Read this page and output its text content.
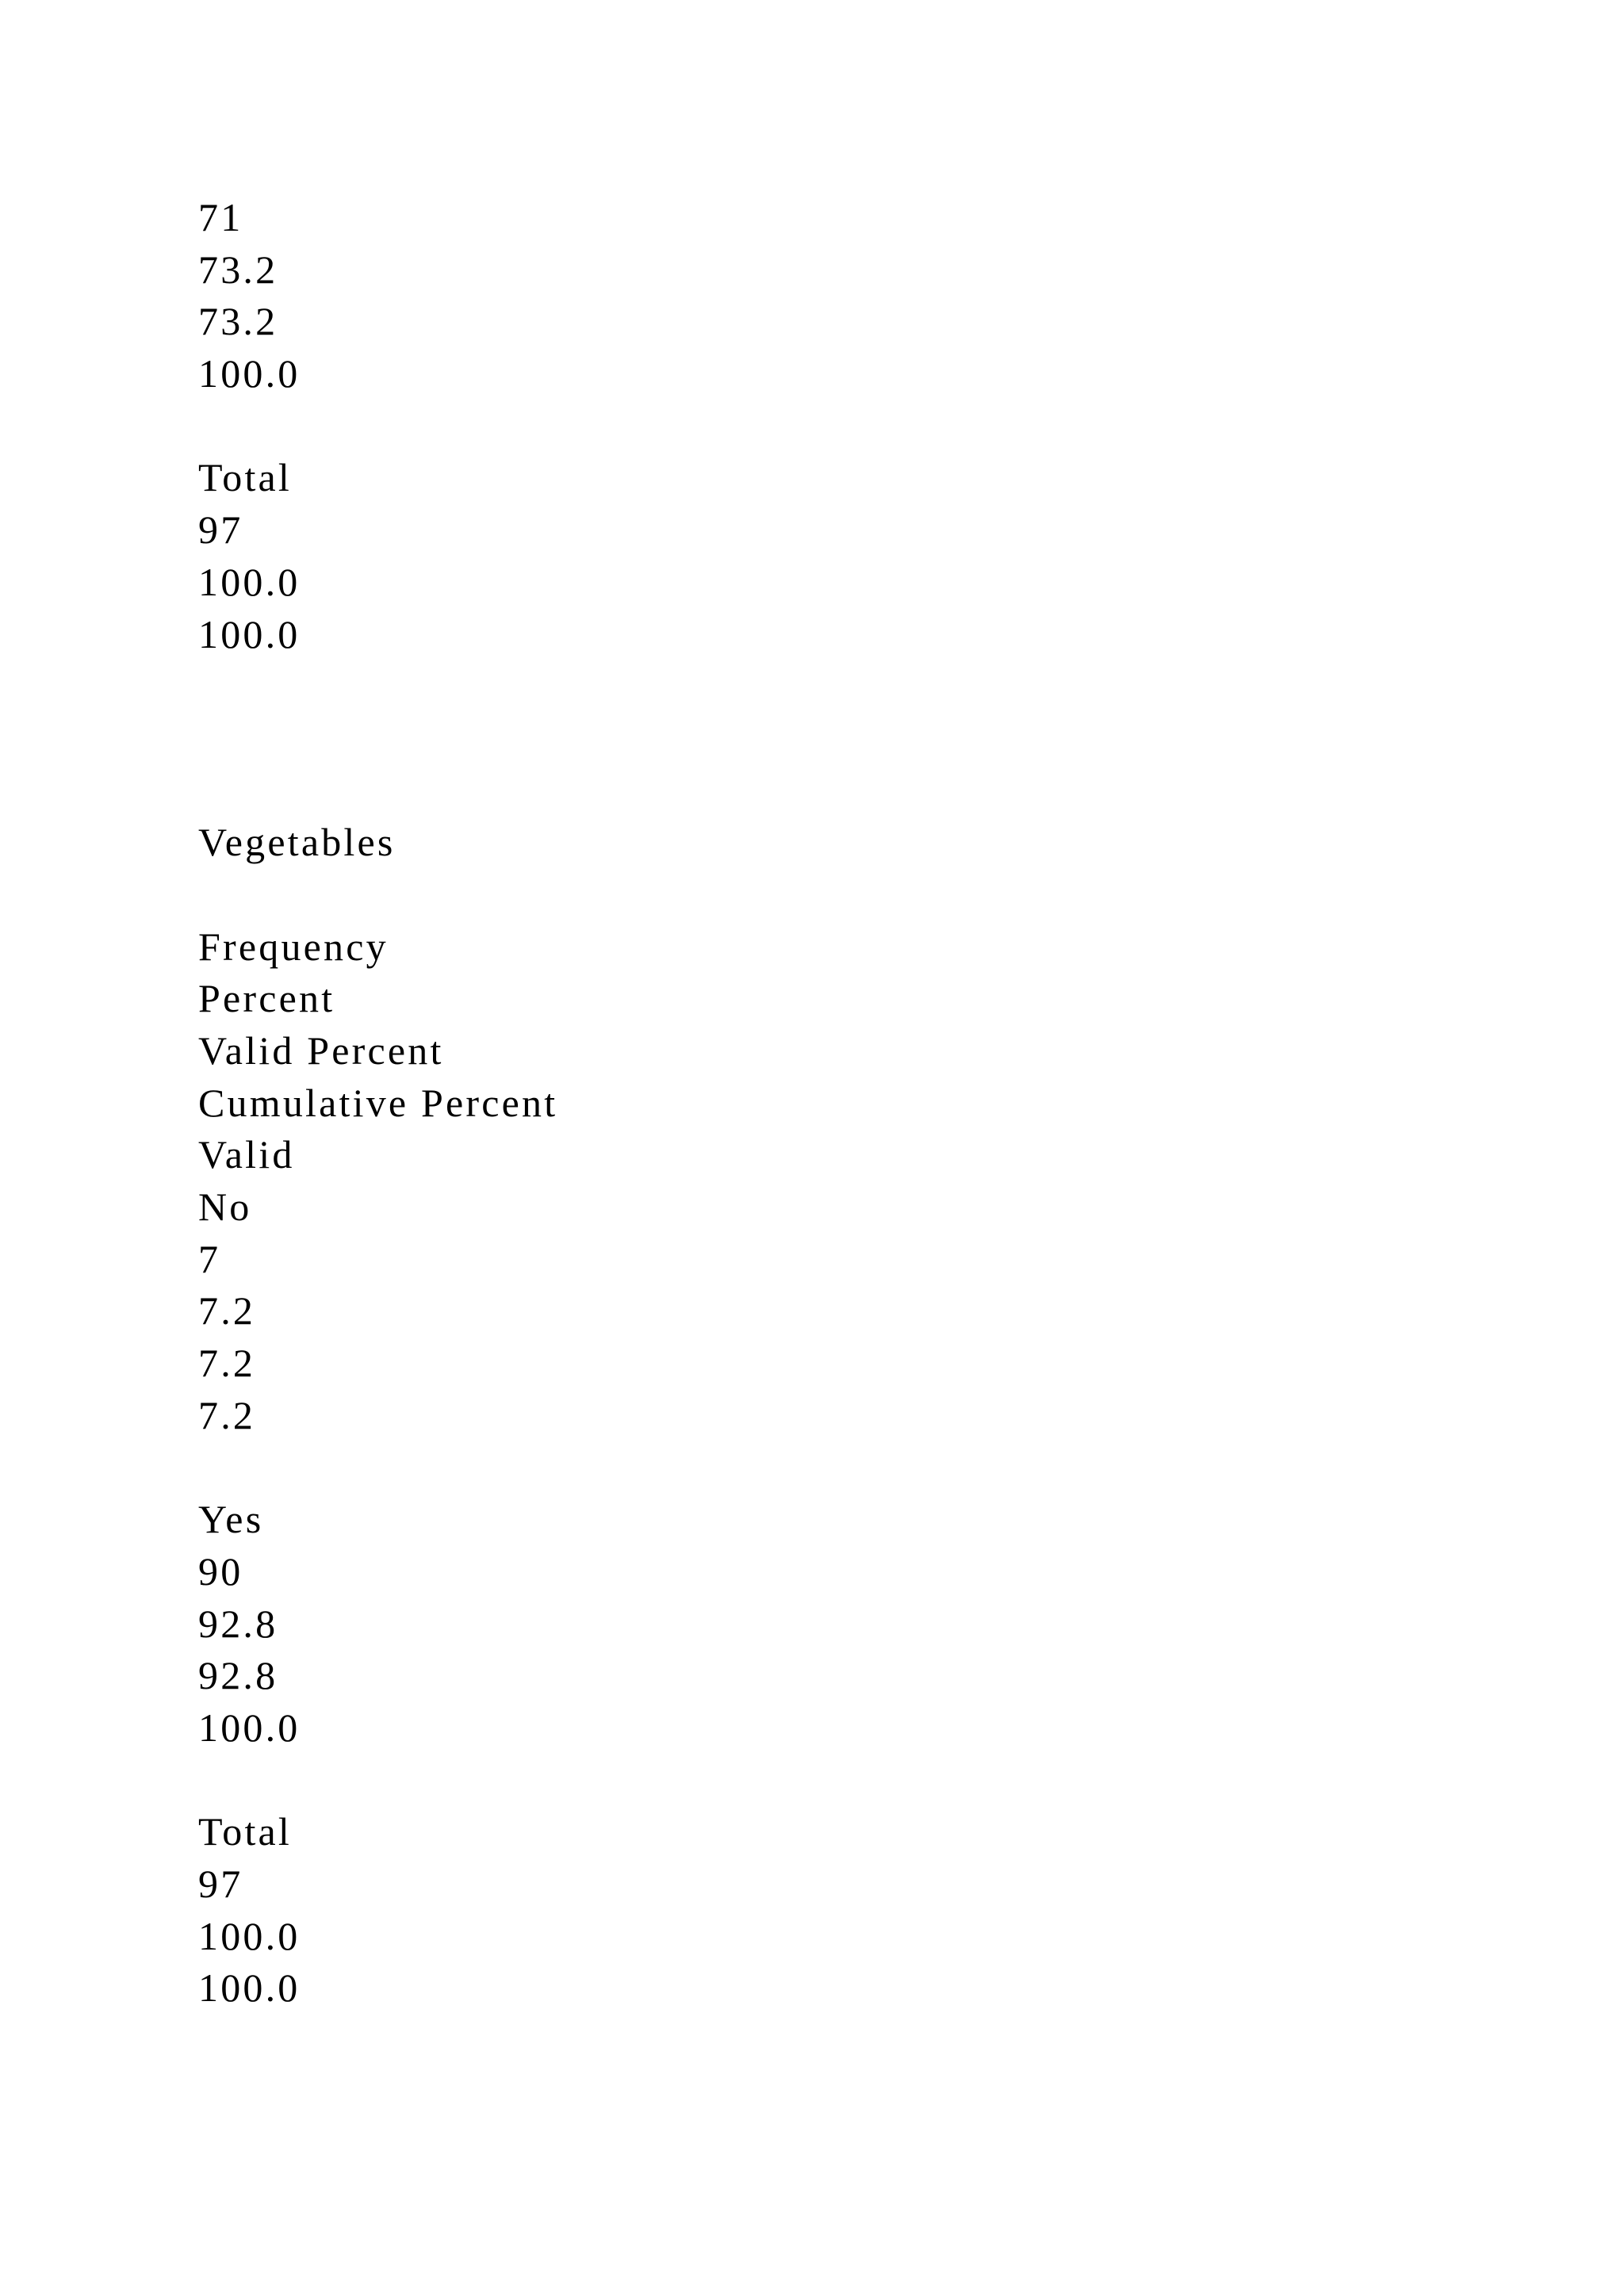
71
73.2
73.2
100.0
Total
97
100.0
100.0
Vegetables
Frequency
Percent
Valid Percent
Cumulative Percent
Valid
No
7
7.2
7.2
7.2
Yes
90
92.8
92.8
100.0
Total
97
100.0
100.0
